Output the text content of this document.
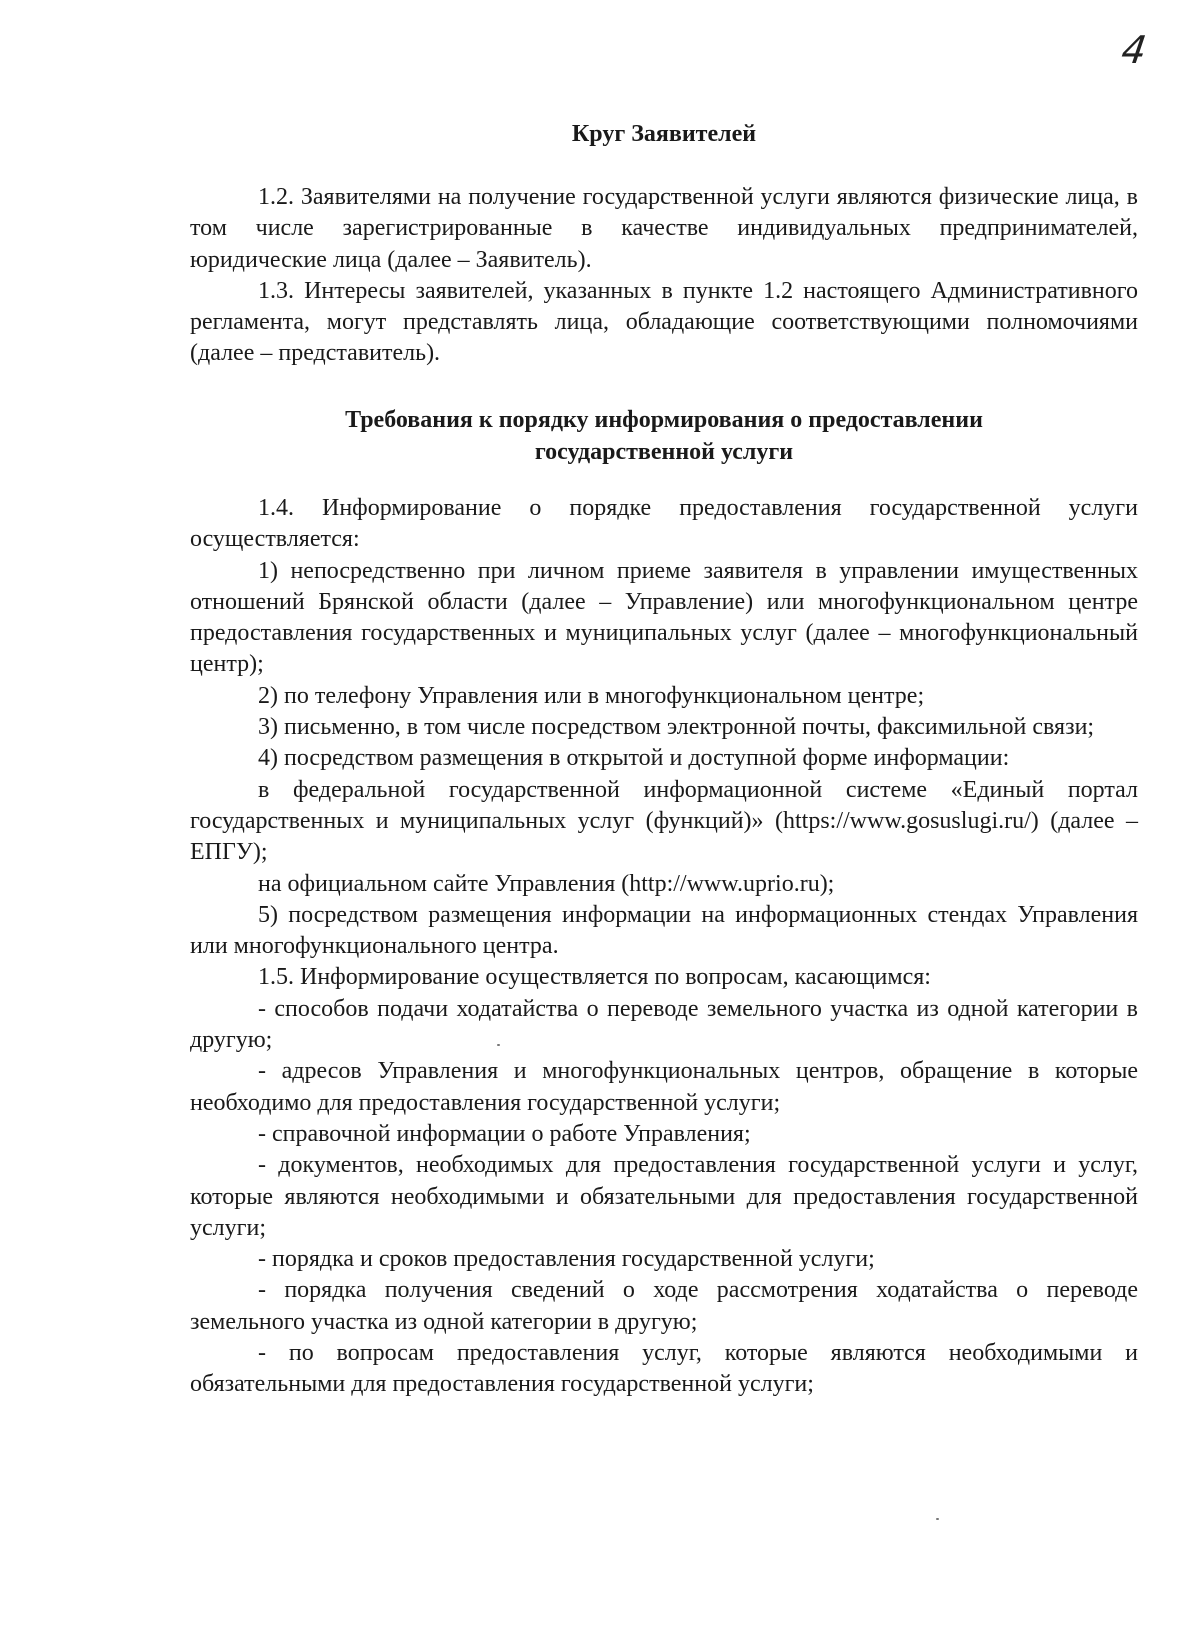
4
Круг Заявителей

1.2. Заявителями на получение государственной услуги являются физические лица, в том числе зарегистрированные в качестве индивидуальных предпринимателей, юридические лица (далее – Заявитель).

1.3. Интересы заявителей, указанных в пункте 1.2 настоящего Административного регламента, могут представлять лица, обладающие соответствующими полномочиями (далее – представитель).

Требования к порядку информирования о предоставлении
государственной услуги

1.4. Информирование о порядке предоставления государственной услуги осуществляется:

1) непосредственно при личном приеме заявителя в управлении имущественных отношений Брянской области (далее – Управление) или многофункциональном центре предоставления государственных и муниципальных услуг (далее – многофункциональный центр);

2) по телефону Управления или в многофункциональном центре;

3) письменно, в том числе посредством электронной почты, факсимильной связи;

4) посредством размещения в открытой и доступной форме информации:

в федеральной государственной информационной системе «Единый портал государственных и муниципальных услуг (функций)» (https://www.gosuslugi.ru/) (далее – ЕПГУ);

на официальном сайте Управления (http://www.uprio.ru);

5) посредством размещения информации на информационных стендах Управления или многофункционального центра.

1.5. Информирование осуществляется по вопросам, касающимся:

- способов подачи ходатайства о переводе земельного участка из одной категории в другую;

- адресов Управления и многофункциональных центров, обращение в которые необходимо для предоставления государственной услуги;

- справочной информации о работе Управления;

- документов, необходимых для предоставления государственной услуги и услуг, которые являются необходимыми и обязательными для предоставления государственной услуги;

- порядка и сроков предоставления государственной услуги;

- порядка получения сведений о ходе рассмотрения ходатайства о переводе земельного участка из одной категории в другую;

- по вопросам предоставления услуг, которые являются необходимыми и обязательными для предоставления государственной услуги;
